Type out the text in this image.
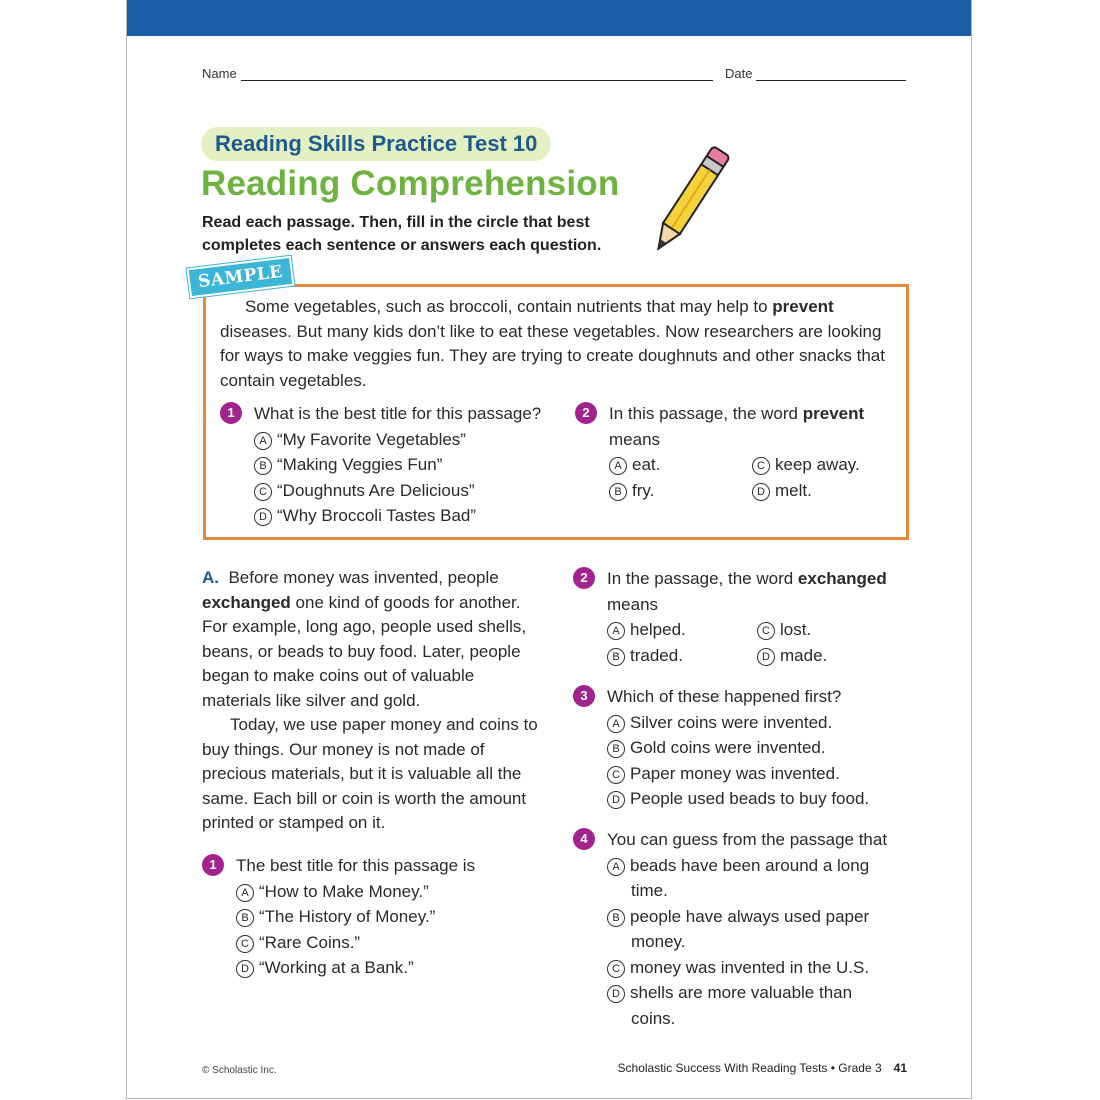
Name	Date
Reading Skills Practice Test 10
Reading Comprehension
Read each passage. Then, fill in the circle that best completes each sentence or answers each question.
Some vegetables, such as broccoli, contain nutrients that may help to prevent diseases. But many kids don’t like to eat these vegetables. Now researchers are looking for ways to make veggies fun. They are trying to create doughnuts and other snacks that contain vegetables.
1	What is the best title for this passage?
A “My Favorite Vegetables”
B “Making Veggies Fun”
C “Doughnuts Are Delicious”
D “Why Broccoli Tastes Bad”
2	In this passage, the word prevent
means
A eat.	C keep away.
B fry.	D melt.
SAMPLE
A. Before money was invented, people exchanged one kind of goods for another. For example, long ago, people used shells, beans, or beads to buy food. Later, people began to make coins out of valuable materials like silver and gold.
Today, we use paper money and coins to buy things. Our money is not made of precious materials, but it is valuable all the same. Each bill or coin is worth the amount printed or stamped on it.
1	The best title for this passage is
A “How to Make Money.”
B “The History of Money.”
C “Rare Coins.”
D “Working at a Bank.”
2	In the passage, the word exchanged
means
A helped.	C lost.
B traded.	D made.
3	Which of these happened first?
A Silver coins were invented.
B Gold coins were invented.
C Paper money was invented.
D People used beads to buy food.
4	You can guess from the passage that
A beads have been around a long time.
B people have always used paper money.
C money was invented in the U.S.
D shells are more valuable than coins.
© Scholastic Inc.	Scholastic Success With Reading Tests • Grade 3 41
